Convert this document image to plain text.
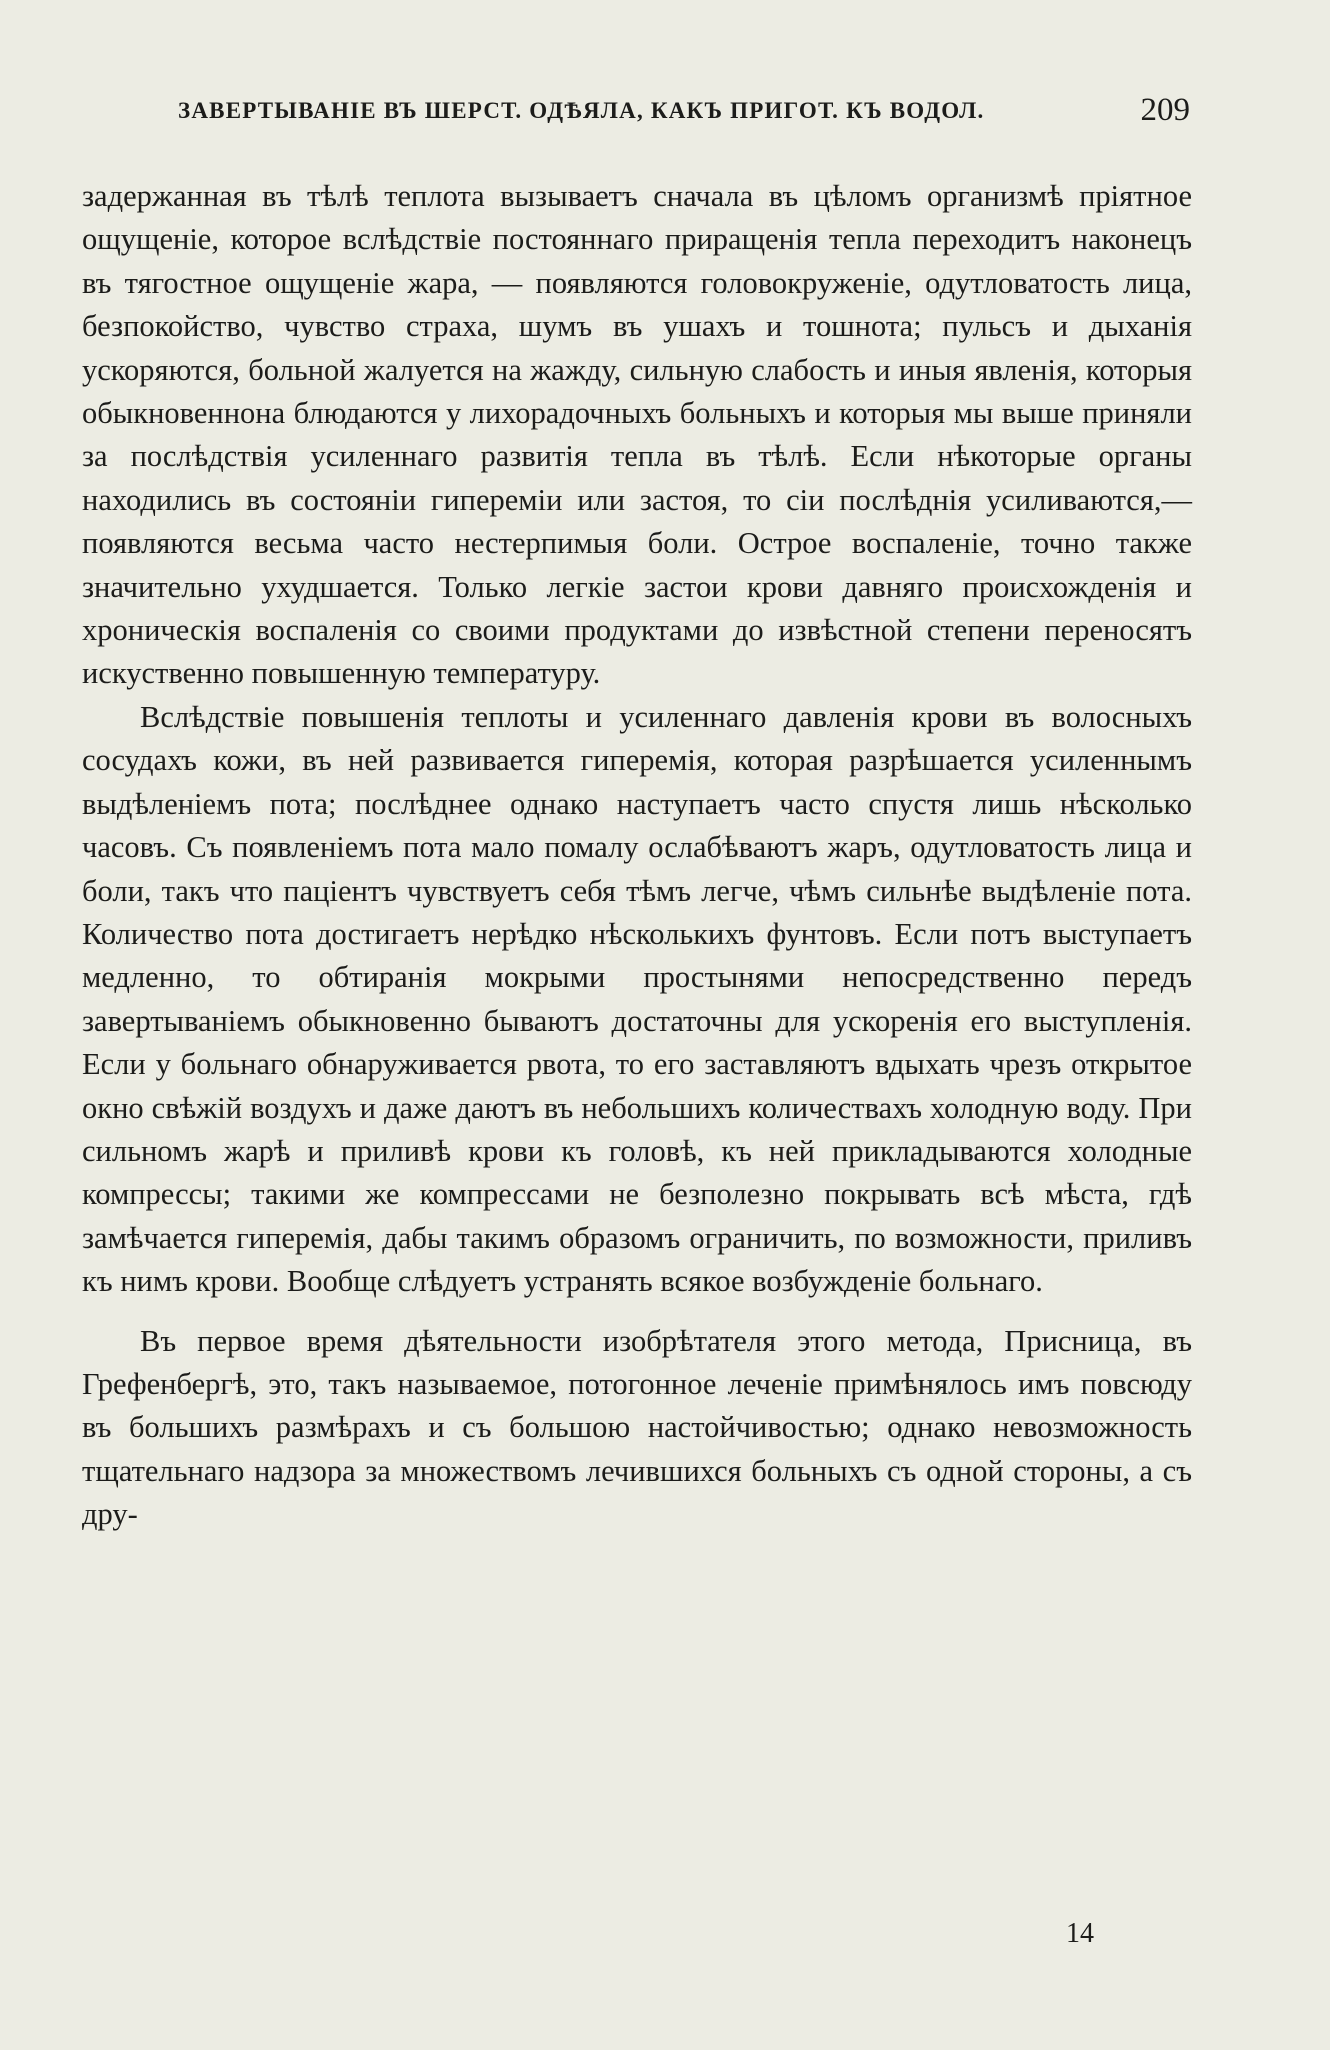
ЗАВЕРТЫВАНІЕ ВЪ ШЕРСТ. ОДѢЯЛА, КАКЪ ПРИГОТ. КЪ ВОДОЛ.	209

задержанная въ тѣлѣ теплота вызываетъ сначала въ цѣломъ организмѣ пріятное ощущеніе, которое вслѣдствіе постояннаго приращенія тепла переходитъ наконецъ въ тягостное ощущеніе жара, — появляются головокруженіе, одутловатость лица, безпокойство, чувство страха, шумъ въ ушахъ и тошнота; пульсъ и дыханія ускоряются, больной жалуется на жажду, сильную слабость и иныя явленія, которыя обыкновеннона блюдаются у лихорадочныхъ больныхъ и которыя мы выше приняли за послѣдствія усиленнаго развитія тепла въ тѣлѣ. Если нѣкоторые органы находились въ состояніи гипереміи или застоя, то сіи послѣднія усиливаются,—появляются весьма часто нестерпимыя боли. Острое воспаленіе, точно также значительно ухудшается. Только легкіе застои крови давняго происхожденія и хроническія воспаленія со своими продуктами до извѣстной степени переносятъ искуственно повышенную температуру.

Вслѣдствіе повышенія теплоты и усиленнаго давленія крови въ волосныхъ сосудахъ кожи, въ ней развивается гиперемія, которая разрѣшается усиленнымъ выдѣленіемъ пота; послѣднее однако наступаетъ часто спустя лишь нѣсколько часовъ. Съ появленіемъ пота мало помалу ослабѣваютъ жаръ, одутловатость лица и боли, такъ что паціентъ чувствуетъ себя тѣмъ легче, чѣмъ сильнѣе выдѣленіе пота. Количество пота достигаетъ нерѣдко нѣсколькихъ фунтовъ. Если потъ выступаетъ медленно, то обтиранія мокрыми простынями непосредственно передъ завертываніемъ обыкновенно бываютъ достаточны для ускоренія его выступленія. Если у больнаго обнаруживается рвота, то его заставляютъ вдыхать чрезъ открытое окно свѣжій воздухъ и даже даютъ въ небольшихъ количествахъ холодную воду. При сильномъ жарѣ и приливѣ крови къ головѣ, къ ней прикладываются холодные компрессы; такими же компрессами не безполезно покрывать всѣ мѣста, гдѣ замѣчается гиперемія, дабы такимъ образомъ ограничить, по возможности, приливъ къ нимъ крови. Вообще слѣдуетъ устранять всякое возбужденіе больнаго.

Въ первое время дѣятельности изобрѣтателя этого метода, Присница, въ Грефенбергѣ, это, такъ называемое, потогонное леченіе примѣнялось имъ повсюду въ большихъ размѣрахъ и съ большою настойчивостью; однако невозможность тщательнаго надзора за множествомъ лечившихся больныхъ съ одной стороны, а съ дру-

14
